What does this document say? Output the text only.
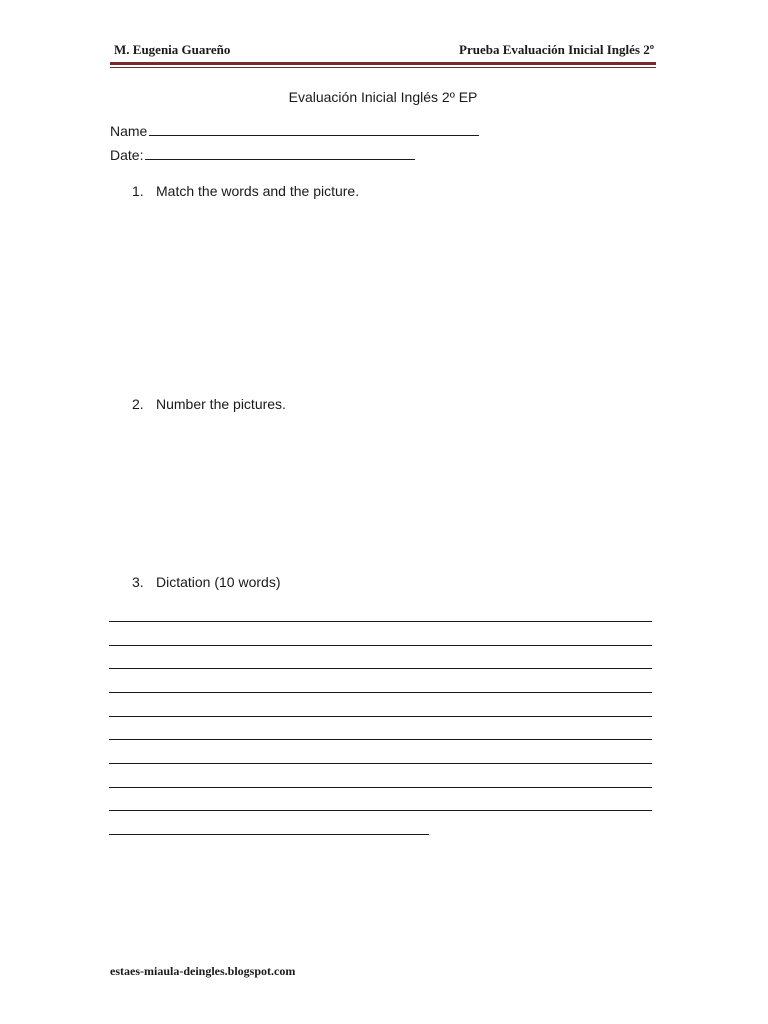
M. Eugenia Guareño	Prueba Evaluación Inicial Inglés 2º
Evaluación Inicial Inglés 2º EP
Name
Date:
1. Match the words and the picture.
2. Number the pictures.
3. Dictation (10 words)
estaes-miaula-deingles.blogspot.com
